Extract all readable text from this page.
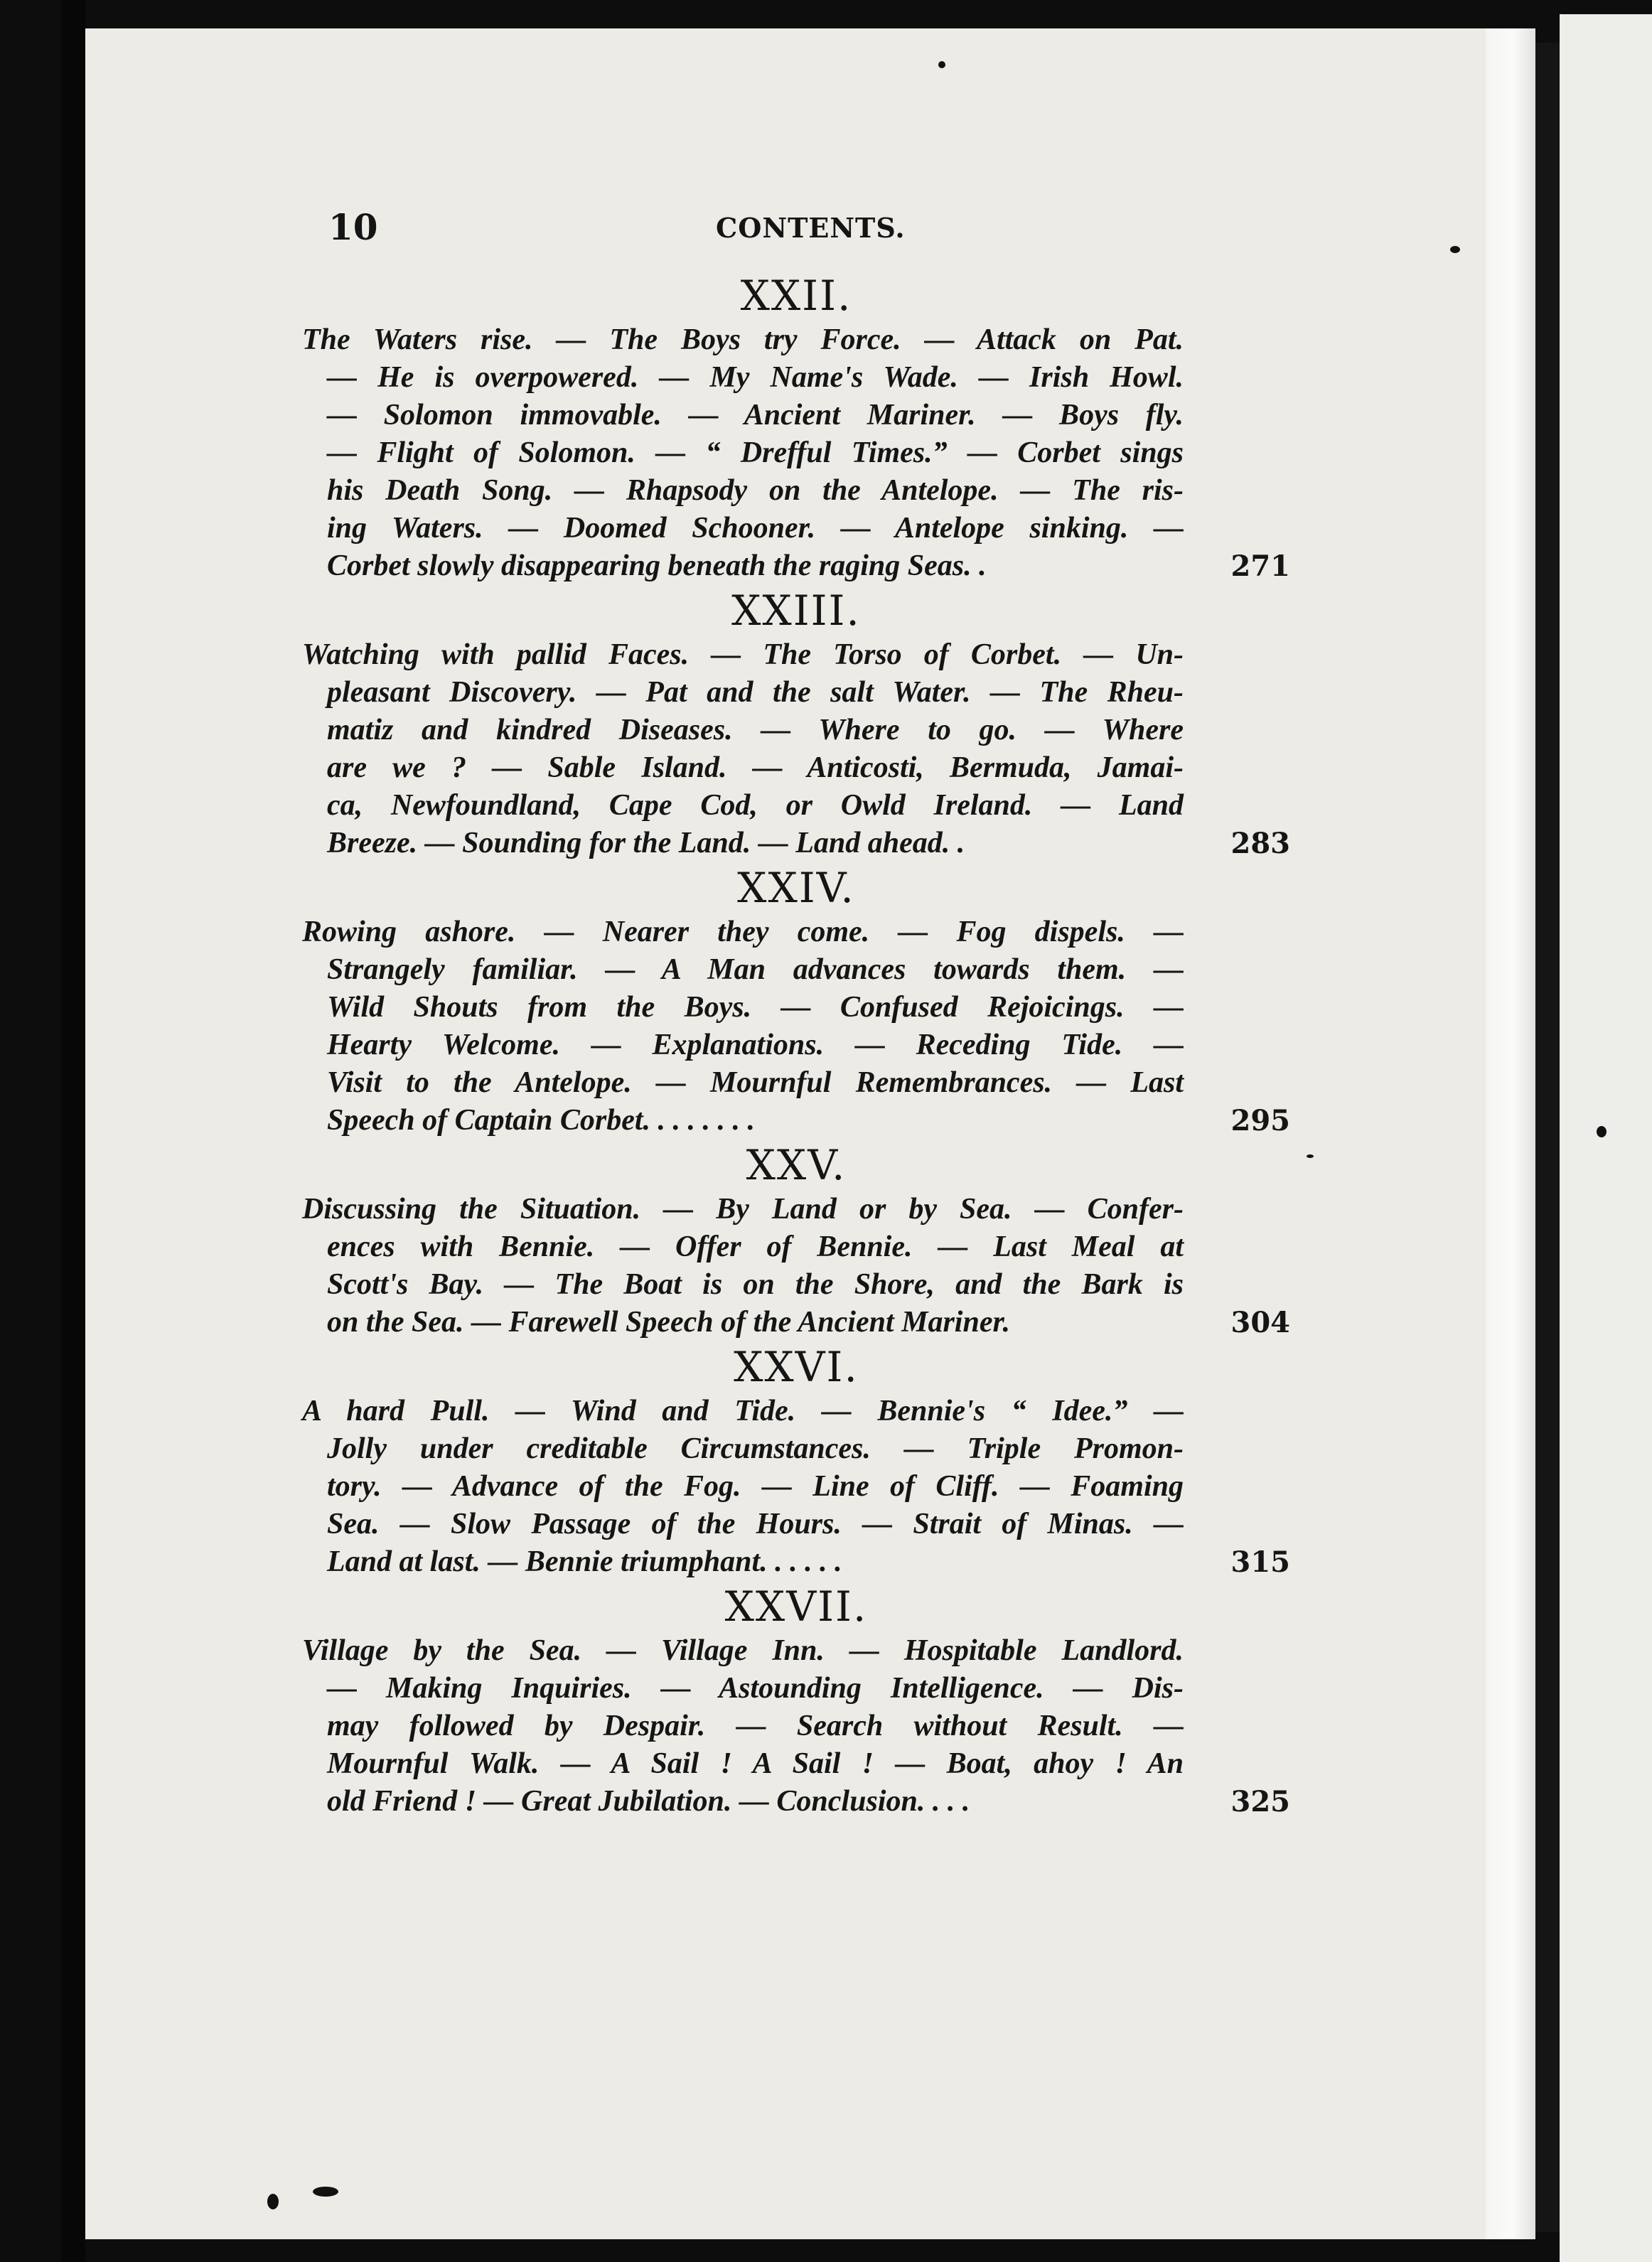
10	CONTENTS.
XXII.
The Waters rise. — The Boys try Force. — Attack on Pat.
— He is overpowered. — My Name's Wade. — Irish Howl.
— Solomon immovable. — Ancient Mariner. — Boys fly.
— Flight of Solomon. — “ Drefful Times.” — Corbet sings
his Death Song. — Rhapsody on the Antelope. — The ris-
ing Waters. — Doomed Schooner. — Antelope sinking. —
Corbet slowly disappearing beneath the raging Seas. .	271
XXIII.
Watching with pallid Faces. — The Torso of Corbet. — Un-
pleasant Discovery. — Pat and the salt Water. — The Rheu-
matiz and kindred Diseases. — Where to go. — Where
are we ? — Sable Island. — Anticosti, Bermuda, Jamai-
ca, Newfoundland, Cape Cod, or Owld Ireland. — Land
Breeze. — Sounding for the Land. — Land ahead. .	283
XXIV.
Rowing ashore. — Nearer they come. — Fog dispels. —
Strangely familiar. — A Man advances towards them. —
Wild Shouts from the Boys. — Confused Rejoicings. —
Hearty Welcome. — Explanations. — Receding Tide. —
Visit to the Antelope. — Mournful Remembrances. — Last
Speech of Captain Corbet. . . . . . . .	295
XXV.
Discussing the Situation. — By Land or by Sea. — Confer-
ences with Bennie. — Offer of Bennie. — Last Meal at
Scott's Bay. — The Boat is on the Shore, and the Bark is
on the Sea. — Farewell Speech of the Ancient Mariner.	304
XXVI.
A hard Pull. — Wind and Tide. — Bennie's “ Idee.” —
Jolly under creditable Circumstances. — Triple Promon-
tory. — Advance of the Fog. — Line of Cliff. — Foaming
Sea. — Slow Passage of the Hours. — Strait of Minas. —
Land at last. — Bennie triumphant. . . . . .	315
XXVII.
Village by the Sea. — Village Inn. — Hospitable Landlord.
— Making Inquiries. — Astounding Intelligence. — Dis-
may followed by Despair. — Search without Result. —
Mournful Walk. — A Sail ! A Sail ! — Boat, ahoy ! An
old Friend ! — Great Jubilation. — Conclusion. . . .	325
